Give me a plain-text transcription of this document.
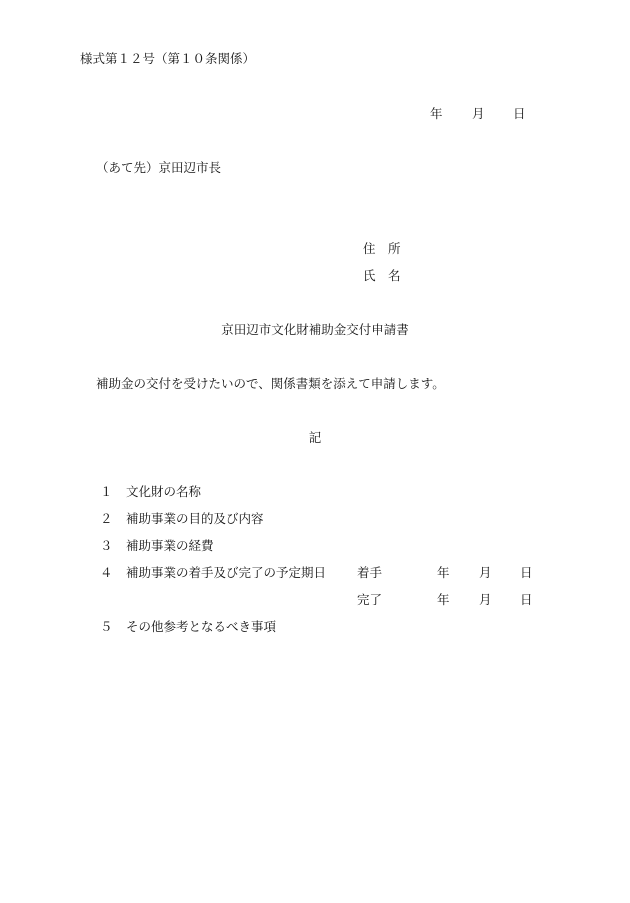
様式第１２号（第１０条関係）
年 月 日
（あて先）京田辺市長
住　所
氏　名
京田辺市文化財補助金交付申請書
補助金の交付を受けたいので、関係書類を添えて申請します。
記
１ 文化財の名称
２ 補助事業の目的及び内容
３ 補助事業の経費
４ 補助事業の着手及び完了の予定期日 着手	年 月 日
完了	年 月 日
５ その他参考となるべき事項
